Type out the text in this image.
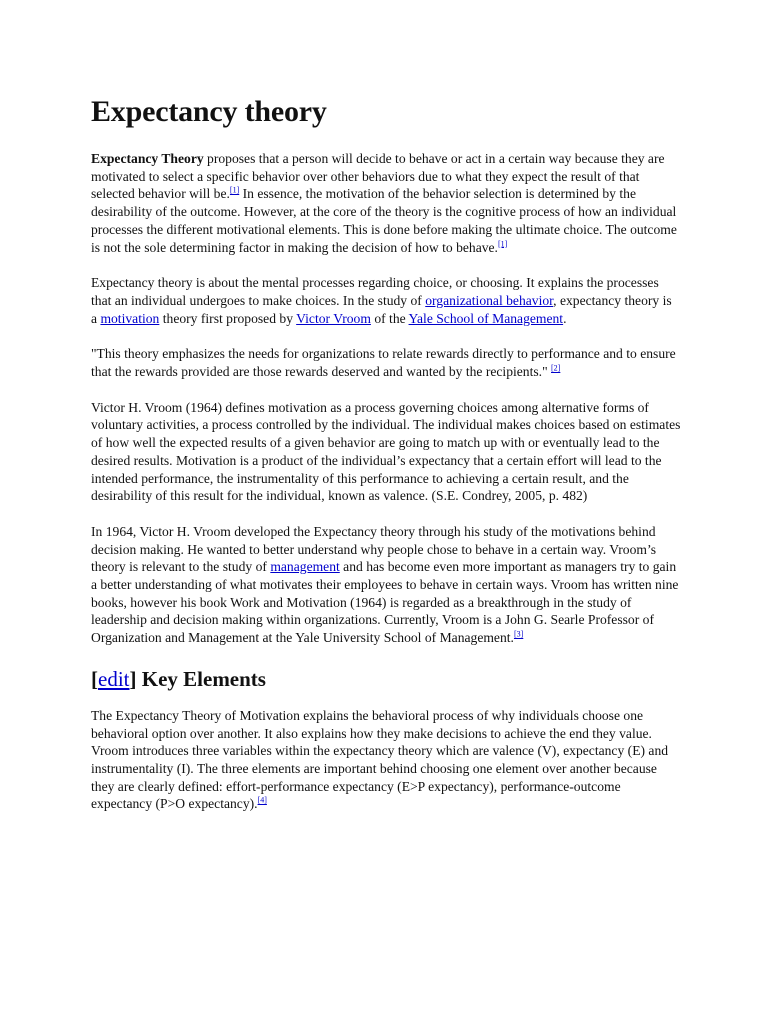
Expectancy theory

Expectancy Theory proposes that a person will decide to behave or act in a certain way because they are motivated to select a specific behavior over other behaviors due to what they expect the result of that selected behavior will be.[1] In essence, the motivation of the behavior selection is determined by the desirability of the outcome. However, at the core of the theory is the cognitive process of how an individual processes the different motivational elements. This is done before making the ultimate choice. The outcome is not the sole determining factor in making the decision of how to behave.[1]

Expectancy theory is about the mental processes regarding choice, or choosing. It explains the processes that an individual undergoes to make choices. In the study of organizational behavior, expectancy theory is a motivation theory first proposed by Victor Vroom of the Yale School of Management.

"This theory emphasizes the needs for organizations to relate rewards directly to performance and to ensure that the rewards provided are those rewards deserved and wanted by the recipients." [2]

Victor H. Vroom (1964) defines motivation as a process governing choices among alternative forms of voluntary activities, a process controlled by the individual. The individual makes choices based on estimates of how well the expected results of a given behavior are going to match up with or eventually lead to the desired results. Motivation is a product of the individual’s expectancy that a certain effort will lead to the intended performance, the instrumentality of this performance to achieving a certain result, and the desirability of this result for the individual, known as valence. (S.E. Condrey, 2005, p. 482)

In 1964, Victor H. Vroom developed the Expectancy theory through his study of the motivations behind decision making. He wanted to better understand why people chose to behave in a certain way. Vroom’s theory is relevant to the study of management and has become even more important as managers try to gain a better understanding of what motivates their employees to behave in certain ways. Vroom has written nine books, however his book Work and Motivation (1964) is regarded as a breakthrough in the study of leadership and decision making within organizations. Currently, Vroom is a John G. Searle Professor of Organization and Management at the Yale University School of Management.[3]

[edit] Key Elements

The Expectancy Theory of Motivation explains the behavioral process of why individuals choose one behavioral option over another. It also explains how they make decisions to achieve the end they value. Vroom introduces three variables within the expectancy theory which are valence (V), expectancy (E) and instrumentality (I). The three elements are important behind choosing one element over another because they are clearly defined: effort-performance expectancy (E>P expectancy), performance-outcome expectancy (P>O expectancy).[4]
